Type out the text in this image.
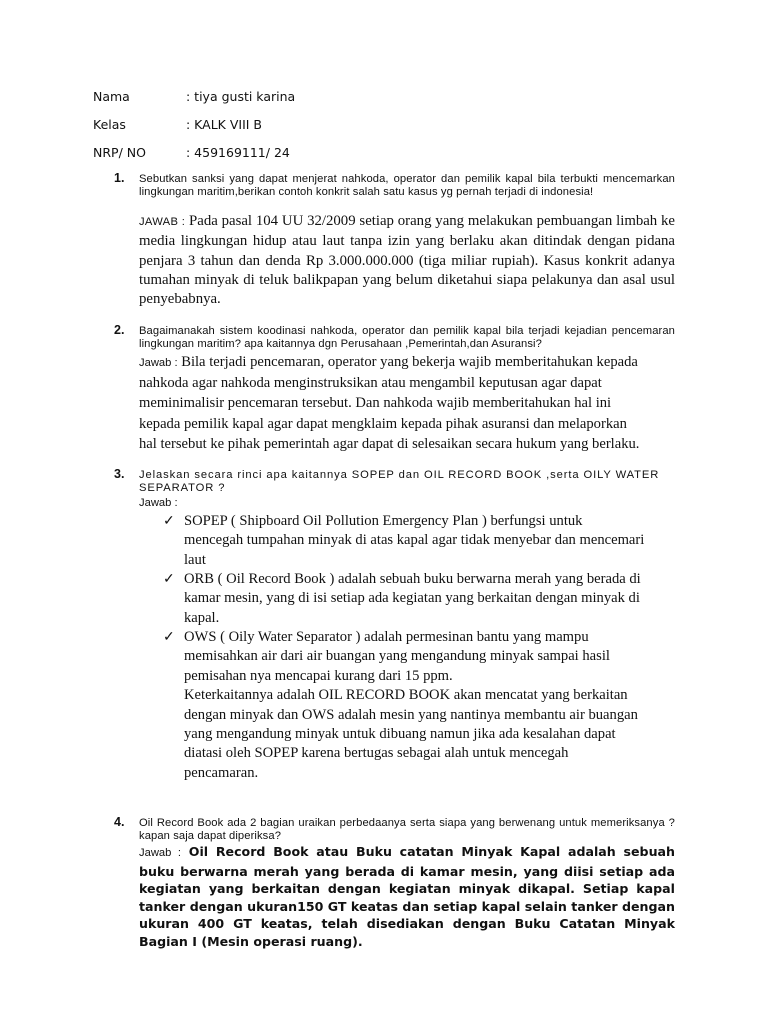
Nama	: tiya gusti karina
Kelas	: KALK VIII B
NRP/ NO	: 459169111/ 24
1. Sebutkan sanksi yang dapat menjerat nahkoda, operator dan pemilik kapal bila terbukti mencemarkan lingkungan maritim,berikan contoh konkrit salah satu kasus yg pernah terjadi di indonesia!
JAWAB : Pada pasal 104 UU 32/2009 setiap orang yang melakukan pembuangan limbah ke media lingkungan hidup atau laut tanpa izin yang berlaku akan ditindak dengan pidana penjara 3 tahun dan denda Rp 3.000.000.000 (tiga miliar rupiah). Kasus konkrit adanya tumahan minyak di teluk balikpapan yang belum diketahui siapa pelakunya dan asal usul penyebabnya.
2. Bagaimanakah sistem koodinasi nahkoda, operator dan pemilik kapal bila terjadi kejadian pencemaran lingkungan maritim? apa kaitannya dgn Perusahaan ,Pemerintah,dan Asuransi?
Jawab : Bila terjadi pencemaran, operator yang bekerja wajib memberitahukan kepada
nahkoda agar nahkoda menginstruksikan atau mengambil keputusan agar dapat
meminimalisir pencemaran tersebut. Dan nahkoda wajib memberitahukan hal ini
kepada pemilik kapal agar dapat mengklaim kepada pihak asuransi dan melaporkan
hal tersebut ke pihak pemerintah agar dapat di selesaikan secara hukum yang berlaku.
3. Jelaskan secara rinci apa kaitannya SOPEP dan OIL RECORD BOOK ,serta OILY WATER
SEPARATOR ?
Jawab :
✓ SOPEP ( Shipboard Oil Pollution Emergency Plan ) berfungsi untuk
mencegah tumpahan minyak di atas kapal agar tidak menyebar dan mencemari
laut
✓ ORB ( Oil Record Book ) adalah sebuah buku berwarna merah yang berada di
kamar mesin, yang di isi setiap ada kegiatan yang berkaitan dengan minyak di
kapal.
✓ OWS ( Oily Water Separator ) adalah permesinan bantu yang mampu
memisahkan air dari air buangan yang mengandung minyak sampai hasil
pemisahan nya mencapai kurang dari 15 ppm.
Keterkaitannya adalah OIL RECORD BOOK akan mencatat yang berkaitan
dengan minyak dan OWS adalah mesin yang nantinya membantu air buangan
yang mengandung minyak untuk dibuang namun jika ada kesalahan dapat
diatasi oleh SOPEP karena bertugas sebagai alah untuk mencegah
pencamaran.
4. Oil Record Book ada 2 bagian uraikan perbedaanya serta siapa yang berwenang untuk memeriksanya ?kapan saja dapat diperiksa?
Jawab : Oil Record Book atau Buku catatan Minyak Kapal adalah sebuah buku berwarna merah yang berada di kamar mesin, yang diisi setiap ada kegiatan yang berkaitan dengan kegiatan minyak dikapal. Setiap kapal tanker dengan ukuran150 GT keatas dan setiap kapal selain tanker dengan ukuran 400 GT keatas, telah disediakan dengan Buku Catatan Minyak Bagian I (Mesin operasi ruang).
